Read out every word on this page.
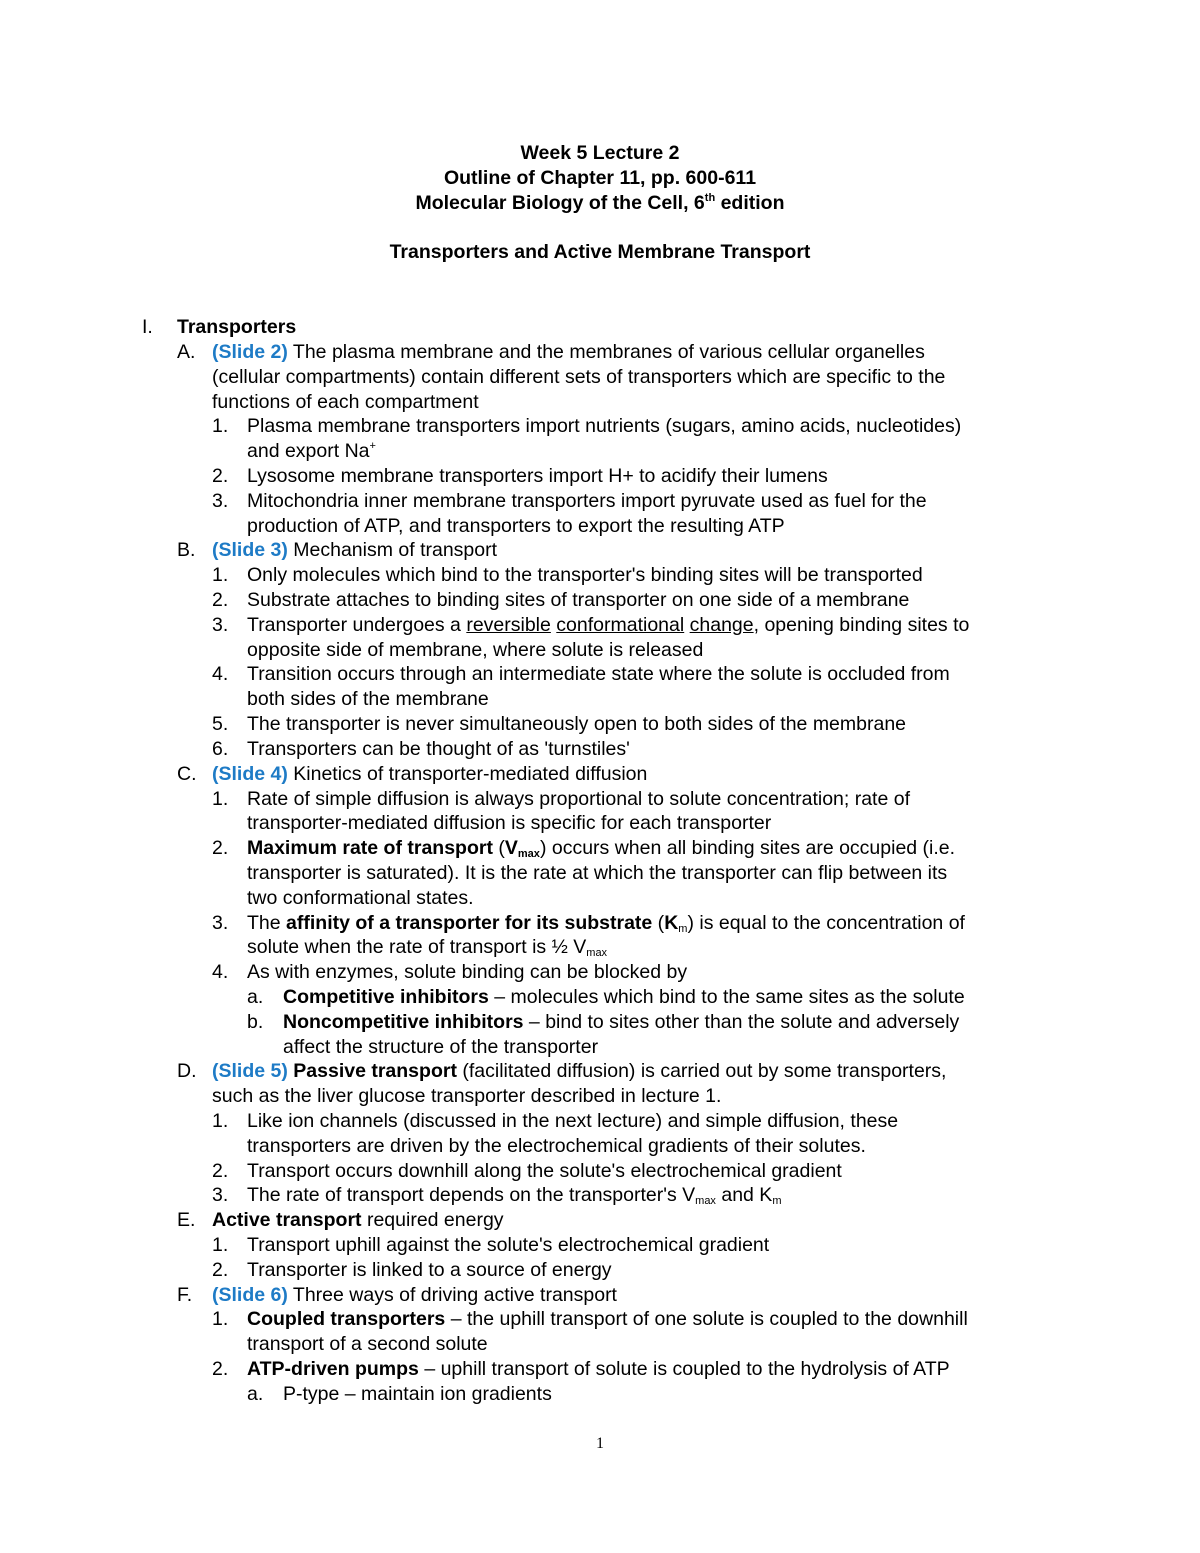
Week 5 Lecture 2
Outline of Chapter 11, pp. 600-611
Molecular Biology of the Cell, 6th edition
Transporters and Active Membrane Transport
I. Transporters
A. (Slide 2) The plasma membrane and the membranes of various cellular organelles
(cellular compartments) contain different sets of transporters which are specific to the
functions of each compartment
1. Plasma membrane transporters import nutrients (sugars, amino acids, nucleotides)
and export Na+
2. Lysosome membrane transporters import H+ to acidify their lumens
3. Mitochondria inner membrane transporters import pyruvate used as fuel for the
production of ATP, and transporters to export the resulting ATP
B. (Slide 3) Mechanism of transport
1. Only molecules which bind to the transporter's binding sites will be transported
2. Substrate attaches to binding sites of transporter on one side of a membrane
3. Transporter undergoes a reversible conformational change, opening binding sites to
opposite side of membrane, where solute is released
4. Transition occurs through an intermediate state where the solute is occluded from
both sides of the membrane
5. The transporter is never simultaneously open to both sides of the membrane
6. Transporters can be thought of as 'turnstiles'
C. (Slide 4) Kinetics of transporter-mediated diffusion
1. Rate of simple diffusion is always proportional to solute concentration; rate of
transporter-mediated diffusion is specific for each transporter
2. Maximum rate of transport $(V_{max})$ occurs when all binding sites are occupied (i.e.
transporter is saturated). It is the rate at which the transporter can flip between its
two conformational states.
3. The affinity of a transporter for its substrate $(K_m)$ is equal to the concentration of
solute when the rate of transport is ½ $V_{max}$
4. As with enzymes, solute binding can be blocked by
a. Competitive inhibitors – molecules which bind to the same sites as the solute
b. Noncompetitive inhibitors – bind to sites other than the solute and adversely
affect the structure of the transporter
D. (Slide 5) Passive transport (facilitated diffusion) is carried out by some transporters,
such as the liver glucose transporter described in lecture 1.
1. Like ion channels (discussed in the next lecture) and simple diffusion, these
transporters are driven by the electrochemical gradients of their solutes.
2. Transport occurs downhill along the solute's electrochemical gradient
3. The rate of transport depends on the transporter's $V_{max}$ and $K_m$
E. Active transport required energy
1. Transport uphill against the solute's electrochemical gradient
2. Transporter is linked to a source of energy
F. (Slide 6) Three ways of driving active transport
1. Coupled transporters – the uphill transport of one solute is coupled to the downhill
transport of a second solute
2. ATP-driven pumps – uphill transport of solute is coupled to the hydrolysis of ATP
a. P-type – maintain ion gradients
1
